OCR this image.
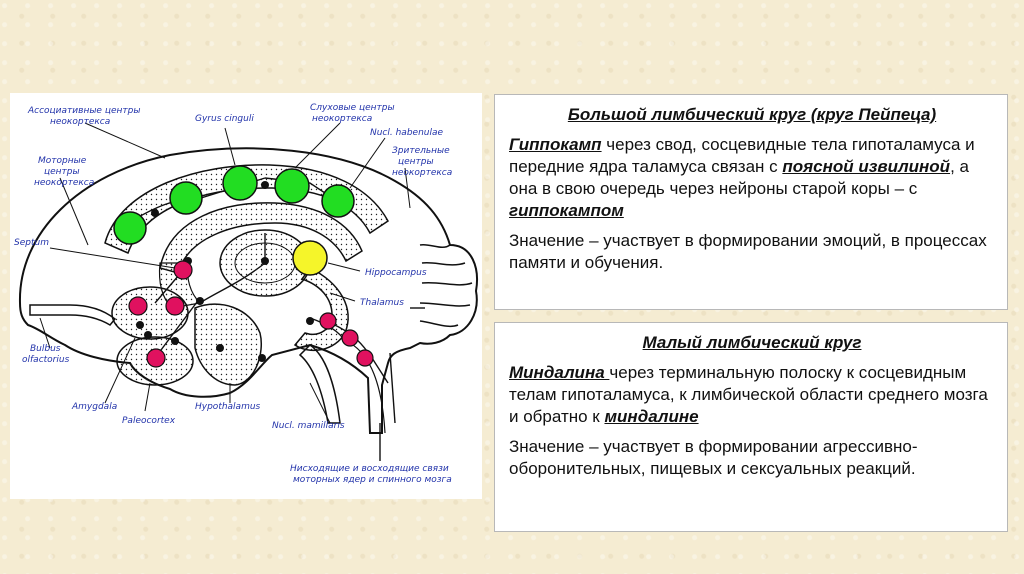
Ассоциативные центры
неокортекса	Gyrus cinguli
Слуховые центры
неокортекса
Nucl. habenulae
Зрительные
центры
неокортекса
Моторные
центры
неокортекса
Septum
Hippocampus
Thalamus
Bulbus
olfactorius
Amygdala	Hypothalamus
Paleocortex	Nucl. mamillaris
Нисходящие и восходящие связи
моторных ядер и спинного мозга
Большой лимбический круг (круг Пейпеца)

Гиппокамп через свод, сосцевидные тела гипоталамуса и передние ядра таламуса связан с поясной извилиной, а она в свою очередь через нейроны старой коры – с гиппокампом

Значение – участвует в формировании эмоций, в процессах памяти и обучения.

Малый лимбический круг

Миндалина через терминальную полоску к сосцевидным телам гипоталамуса, к лимбической области среднего мозга и обратно к миндалине

Значение – участвует в формировании агрессивно-оборонительных, пищевых и сексуальных реакций.
